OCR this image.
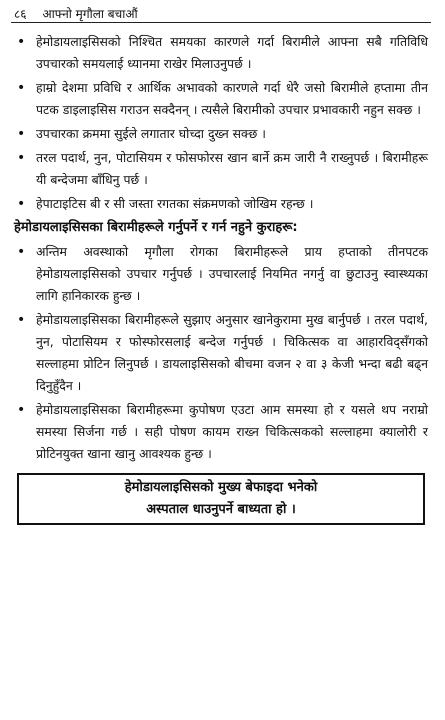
८६ आफ्नो मृगौला बचाऔं
• हेमोडायलाइसिसको निश्चित समयका कारणले गर्दा बिरामीले आफ्ना सबै गतिविधि उपचारको समयलाई ध्यानमा राखेर मिलाउनुपर्छ ।
• हाम्रो देशमा प्रविधि र आर्थिक अभावको कारणले गर्दा धेरै जसो बिरामीले हप्तामा तीन पटक डाइलाइसिस गराउन सक्दैनन् । त्यसैले बिरामीको उपचार प्रभावकारी नहुन सक्छ ।
• उपचारका क्रममा सुईले लगातार घोच्दा दुख्न सक्छ ।
• तरल पदार्थ, नुन, पोटासियम र फोसफोरस खान बार्ने क्रम जारी नै राख्नुपर्छ । बिरामीहरू यी बन्देजमा बाँधिनु पर्छ ।
• हेपाटाइटिस बी र सी जस्ता रगतका संक्रमणको जोखिम रहन्छ ।
हेमोडायलाइसिसका बिरामीहरूले गर्नुपर्ने र गर्न नहुने कुराहरू:
• अन्तिम अवस्थाको मृगौला रोगका बिरामीहरूले प्राय हप्ताको तीनपटक हेमोडायलाइसिसको उपचार गर्नुपर्छ । उपचारलाई नियमित नगर्नु वा छुटाउनु स्वास्थ्यका लागि हानिकारक हुन्छ ।
• हेमोडायलाइसिसका बिरामीहरूले सुझाए अनुसार खानेकुरामा मुख बार्नुपर्छ । तरल पदार्थ, नुन, पोटासियम र फोस्फोरसलाई बन्देज गर्नुपर्छ । चिकित्सक वा आहारविद्सँगको सल्लाहमा प्रोटिन लिनुपर्छ । डायलाइसिसको बीचमा वजन २ वा ३ केजी भन्दा बढी बढ्न दिनुहुँदैन ।
• हेमोडायलाइसिसका बिरामीहरूमा कुपोषण एउटा आम समस्या हो र यसले थप नराम्रो समस्या सिर्जना गर्छ । सही पोषण कायम राख्न चिकित्सकको सल्लाहमा क्यालोरी र प्रोटिनयुक्त खाना खानु आवश्यक हुन्छ ।
हेमोडायलाइसिसको मुख्य बेफाइदा भनेको
अस्पताल धाउनुपर्ने बाध्यता हो ।
